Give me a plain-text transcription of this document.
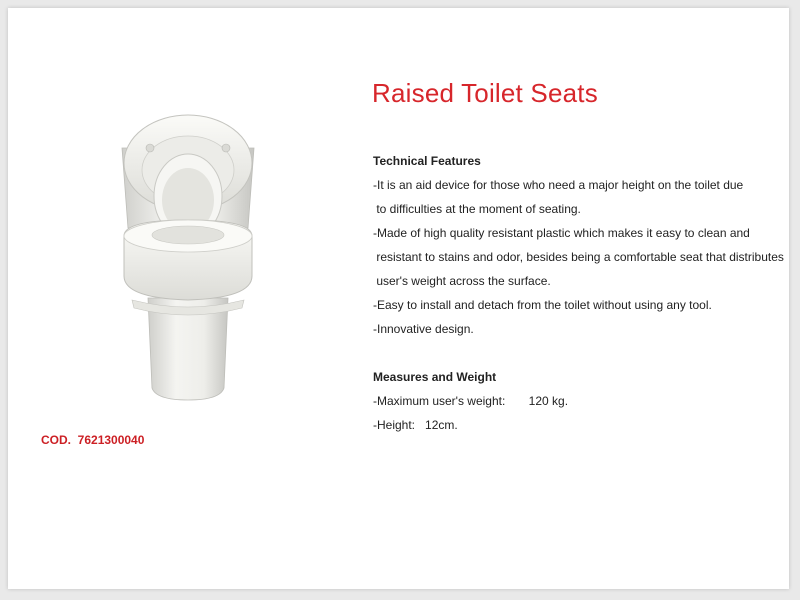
COD.  7621300040
Raised Toilet Seats
Technical Features
-It is an aid device for those who need a major height on the toilet due
to difficulties at the moment of seating.
-Made of high quality resistant plastic which makes it easy to clean and
resistant to stains and odor, besides being a comfortable seat that distributes
user's weight across the surface.
-Easy to install and detach from the toilet without using any tool.
-Innovative design.
Measures and Weight
-Maximum user's weight:       120 kg.
-Height:   12cm.
